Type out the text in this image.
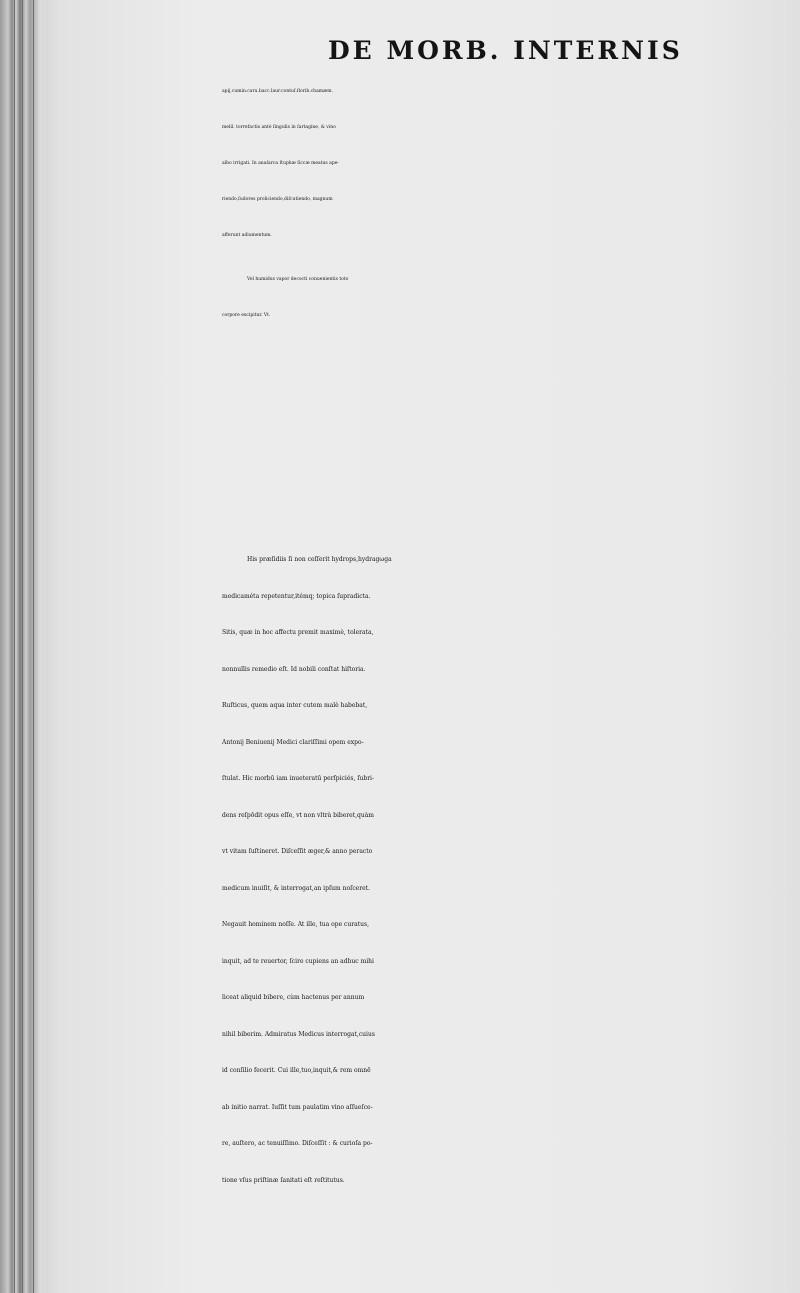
DE MORB. INTERNIS
apij,cumin.caru.bacc.laur.contuſ.florib.chamæm.
melil. torrefactis antè ſingulis in ſartagine, & vino
albo irrigati. In anaſarca ſtuphæ ſiccæ meatus ape-
riendo,ſudores proliciendo,diſcutiendo, magnum
afferunt adiumentum.
Vel humidus vapor decocti conuenientis toto
corpore excipitur. Vt.
His præſidiis ſi non ceſſerit hydrops,hydragωga
medicaméta repetentur,itémq; topica ſupradicta.
Sitis, quæ in hoc affectu premit maximè, tolerata,
nonnullis remedio eſt. Id nobili conſtat hiſtoria.
Ruſticus, quem aqua inter cutem malè habebat,
Antonij Beniuenij Medici clariſſimi opem expo-
ſtulat. Hic morbū iam inueteratū perſpiciés, ſubri-
dens reſpōdit opus eſſe, vt non vltrà biberet,quàm
vt vitam ſuſtineret. Diſceſſit æger,& anno peracto
medicum inuiſit, & interrogat,an ipſum noſceret.
Negauit hominem noſſe. At ille, tua ope curatus,
inquit, ad te reuertor, ſcire cupiens an adhuc mihi
liceat aliquid bibere, cùm hactenus per annum
nihil biberim. Admiratus Medicus interrogat,cuius
id conſilio fecerit. Cui ille,tuo,inquit,& rem omnē
ab initio narrat. Iuſſit tum paulatim vino aſſueſce-
re, auſtero, ac tenuiſſimo. Diſceſſit : & curioſa po-
tione vſus priſtinæ ſanitati eſt reſtitutus.
